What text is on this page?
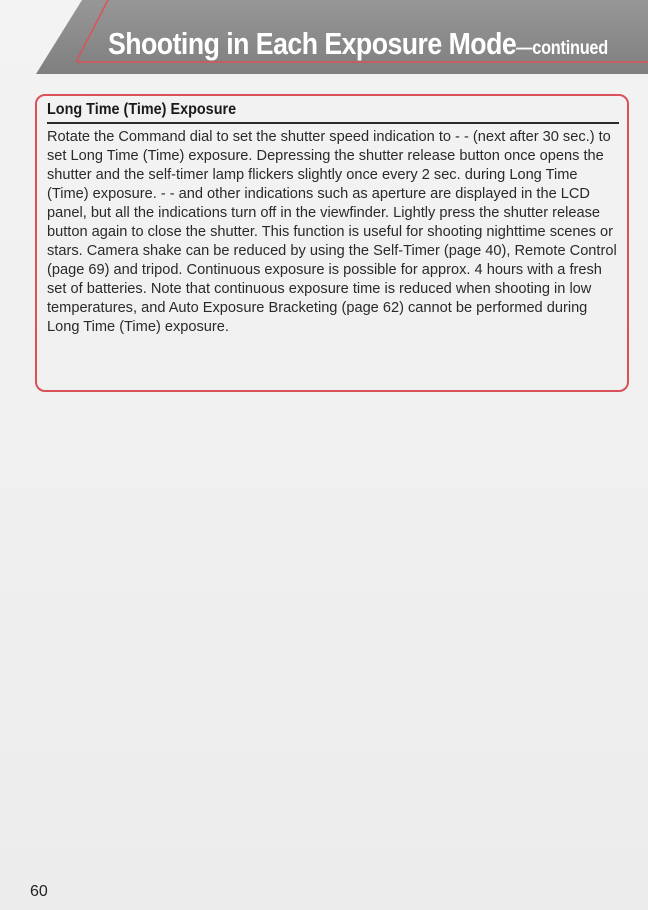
Shooting in Each Exposure Mode—continued
Long Time (Time) Exposure

Rotate the Command dial to set the shutter speed indication to - - (next after 30 sec.) to set Long Time (Time) exposure. Depressing the shutter release button once opens the shutter and the self-timer lamp flickers slightly once every 2 sec. during Long Time (Time) exposure. - - and other indications such as aperture are displayed in the LCD panel, but all the indications turn off in the viewfinder. Lightly press the shutter release button again to close the shutter. This function is useful for shooting nighttime scenes or stars. Camera shake can be reduced by using the Self-Timer (page 40), Remote Control (page 69) and tripod. Continuous exposure is possible for approx. 4 hours with a fresh set of batteries. Note that continuous exposure time is reduced when shooting in low temperatures, and Auto Exposure Bracketing (page 62) cannot be performed during Long Time (Time) exposure.

60
